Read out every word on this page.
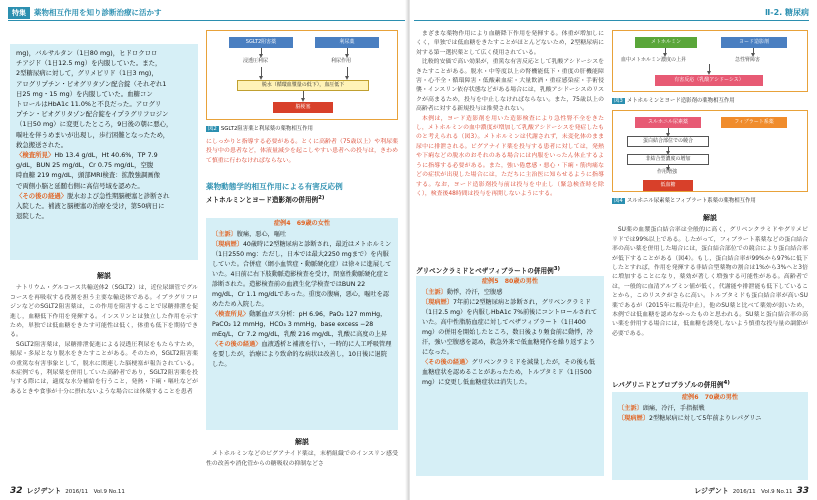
特集	薬物相互作用を知り診断治療に活かす
mg)，バルサルタン（1日80 mg)，ヒドロクロロ
チアジド（1日12.5 mg）を内服していた。また，
2型糖尿病に対して，グリメピリド（1日3 mg)，
アログリプチン・ピオグリタゾン配合錠（それぞれ1
日25 mg・15 mg）を内服していた。血糖コン
トロールはHbA1c 11.0%と不良だった。アログリ
プチン・ピオグリタゾン配合錠をイプラグリフロジン
（1日50 mg）に変更したところ，9日後の朝に悪心，
嘔吐を伴うめまいが出現し，歩行困難となったため，
救急搬送された。
〈検査所見〉Hb 13.4 g/dL，Ht 40.6%，TP 7.9
g/dL，BUN 25 mg/dL，Cr 0.75 mg/dL，空腹
時血糖 219 mg/dL，頭部MRI検査：拡散強調画像
で両側小脳と延髄右側に高信号域を認めた。
〈その後の経過〉脱水および急性期脳梗塞と診断され
入院した。補液と脳梗塞の治療を受け，第50病日に
退院した。
解説

ナトリウム・グルコース共輸送体2（SGLT2）は，近位尿細管でグルコースを再吸収する役割を担う主要な輸送体である。イプラグリフロジンなどのSGLT2阻害薬は，この作用を阻害することで尿糖排泄を促進し，血糖低下作用を発揮する。インスリンとは独立した作用を示すため，単独では低血糖をきたす可能性は低く，体重も低下を期待できる。

SGLT2阻害薬は，尿糖排泄促進による浸透圧利尿をもたらすため，頻尿・多尿となり脱水をきたすことがある。そのため，SGLT2阻害薬の重篤な有害事象として，脱水に関連した脳梗塞が報告されている。本症例でも，利尿薬を併用していた高齢者であり，SGLT2阻害薬を投与する際には，適度な水分補給を行うこと，発熱・下痢・嘔吐などがあるときや食事が十分に摂れないような場合には休薬することを患者

SGLT2阻害薬	利尿薬
浸透圧利尿	利尿作用
脱水（循環血漿量の低下），血圧低下
脳梗塞
図2 SGLT2阻害薬と利尿薬の薬物相互作用

にしっかりと指導する必要がある。とくに高齢者（75歳以上）や利尿薬投与中の患者など，体液量減少を起こしやすい患者への投与は，きわめて慎重に行わなければならない。

薬物動態学的相互作用による有害反応例
メトホルミンとヨード造影剤の併用例$^{2)}$
症例4　69歳の女性
〔主訴〕腹痛，悪心，嘔吐
〔現病歴〕40歳時に2型糖尿病と診断され，最近はメトホルミン（1日2550 mg：ただし，日本では最大2250 mgまで）を内服していた。合併症（網小血管症・動脈硬化症）は徐々に進展していた。4日前に右下肢動脈造影検査を受け，閉塞性動脈硬化症と診断された。造影検査前の血液生化学検査ではBUN 22 mg/dL，Cr 1.1 mg/dLであった。重度の腹痛，悪心，嘔吐を認めたため入院した。
〈検査所見〉動脈血ガス分析：pH 6.96，PaO₂ 127 mmHg，PaCO₂ 12 mmHg，HCO₃ 3 mmHg，base excess −28 mEq/L，Cr 7.2 mg/dL，乳酸 216 mg/dL，乳酸に高度の上昇
〈その後の経過〉血液透析と補液を行い，一時的に人工呼吸管理を要したが，治療により致命的な病状は改善し，10日後に退院した。
解説

メトホルミンなどのビグアナイド薬は，末梢組織でのインスリン感受性の改善や消化管からの糖吸収の抑制などさ

32 レジデント 2016/11　Vol.9 No.11
Ⅱ-2. 糖尿病

まざまな薬物作用により血糖降下作用を発揮する。体重が増加しにくく，単独では低血糖をきたすことがほとんどないため，2型糖尿病に対する第一選択薬として広く使用されている。

比較的安価で高い効果が，重篤な有害反応として乳酸アシドーシスをきたすことがある。脱水・中等度以上の腎機能低下・重度の肝機能障害・心不全・循環障害・低酸素血症・大量飲酒・重症感染症・手術侵襲・インスリン依存状態などがある場合には，乳酸アシドーシスのリスクが高まるため，投与を中止しなければならない。また，75歳以上の高齢者に対する新規投与は推奨されない。

本例は，ヨード造影剤を用いた造影検査により急性腎不全をきたし，メトホルミンの血中濃度が増加して乳酸アシドーシスを発症したものと考えられる（図3）。メトホルミンは代謝されず，未変化体のまま尿中に排泄される。ビグアナイド薬を投与する患者に対しては，発熱や下痢などの脱水のおそれのある場合には内服をいったん休止するように指導する必要がある。また，強い倦怠感・悪心・下痢・筋肉痛などの症状が出現した場合には，ただちに主治医に知らせるように指導する。なお，ヨード造影剤投与前は投与を中止し（緊急検査時を除く），検査後48時間は投与を再開しないようにする。

グリベンクラミドとベザフィブラートの併用例$^{3)}$
症例5　80歳の男性
〔主訴〕動悸，冷汗，空腹感
〔現病歴〕7年前に2型糖尿病と診断され，グリベンクラミド（1日2.5 mg）を内服しHbA1c 7%前後にコントロールされていた。高中性脂肪血症に対してベザフィブラート（1日400 mg）の併用を開始したところ，数日後より頻食前に動悸，冷汗，強い空腹感を認め，救急外来で低血糖発作を繰り返すようになった。
〈その後の経過〉グリベンクラミドを減量したが，その後も低血糖症状を認めることがあったため，トルブタミド（1日500 mg）に変更し低血糖症状は消失した。
メトホルミン	ヨード造影剤
血中メトホルミン濃度の上昇	急性腎障害
有害反応（乳酸アシドーシス）
図3 メトホルミンとヨード造影剤の薬物相互作用
スルホニル尿素薬	フィブラート系薬
蛋白結合部位での競合
非結合型濃度の増加
作用増強
低血糖
図4 スルホニル尿素薬とフィブラート系薬の薬物相互作用
解説

SU薬の血漿蛋白結合率は全般的に高く，グリベンクラミドやグリメピリドでは99%以上である。したがって，フィブラート系薬などの蛋白結合率の高い薬を併用した場合には，蛋白結合部位での競合により蛋白結合率が低下することがある（図4）。もし，蛋白結合率が99%から97%に低下したとすれば，作用を発揮する非結合型薬物の割合は1%から3%へと3倍に増加することになり，薬効が著しく増強する可能性がある。高齢者では，一般的に血清アルブミン値が低く，代謝能や排泄能も低下していることから，このリスクがさらに高い。トルブタミドも蛋白結合率が高いSU薬であるが（2015年に販売中止），他のSU薬と比べて薬効が弱いため，本例では低血糖を認めなかったものと思われる。SU薬と蛋白結合率の高い薬を併用する場合には，低血糖を誘発しないよう慎重な投与量の調節が必要である。

レパグリニドとプロプラゾルの併用例$^{4)}$
症例6　70歳の男性
〔主訴〕頭痛，冷汗，手指振戦
〔現病歴〕2型糖尿病に対して5年前よりレパグリニ
レジデント 2016/11　Vol.9 No.11 33
